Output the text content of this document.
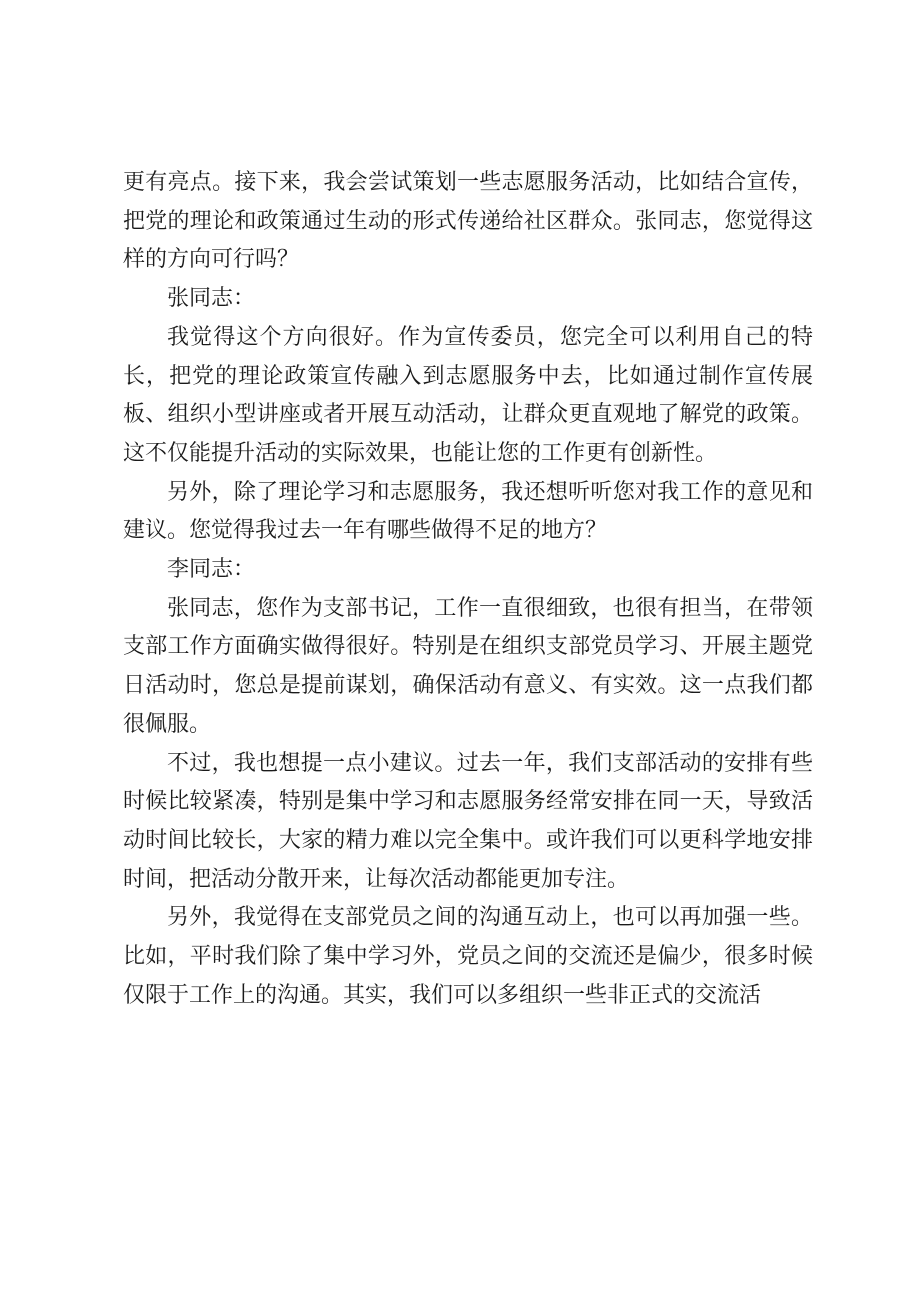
更有亮点。接下来，我会尝试策划一些志愿服务活动，比如结合宣传，把党的理论和政策通过生动的形式传递给社区群众。张同志，您觉得这样的方向可行吗？

张同志：

我觉得这个方向很好。作为宣传委员，您完全可以利用自己的特长，把党的理论政策宣传融入到志愿服务中去，比如通过制作宣传展板、组织小型讲座或者开展互动活动，让群众更直观地了解党的政策。这不仅能提升活动的实际效果，也能让您的工作更有创新性。

另外，除了理论学习和志愿服务，我还想听听您对我工作的意见和建议。您觉得我过去一年有哪些做得不足的地方？

李同志：

张同志，您作为支部书记，工作一直很细致，也很有担当，在带领支部工作方面确实做得很好。特别是在组织支部党员学习、开展主题党日活动时，您总是提前谋划，确保活动有意义、有实效。这一点我们都很佩服。

不过，我也想提一点小建议。过去一年，我们支部活动的安排有些时候比较紧凑，特别是集中学习和志愿服务经常安排在同一天，导致活动时间比较长，大家的精力难以完全集中。或许我们可以更科学地安排时间，把活动分散开来，让每次活动都能更加专注。

另外，我觉得在支部党员之间的沟通互动上，也可以再加强一些。比如，平时我们除了集中学习外，党员之间的交流还是偏少，很多时候仅限于工作上的沟通。其实，我们可以多组织一些非正式的交流活
